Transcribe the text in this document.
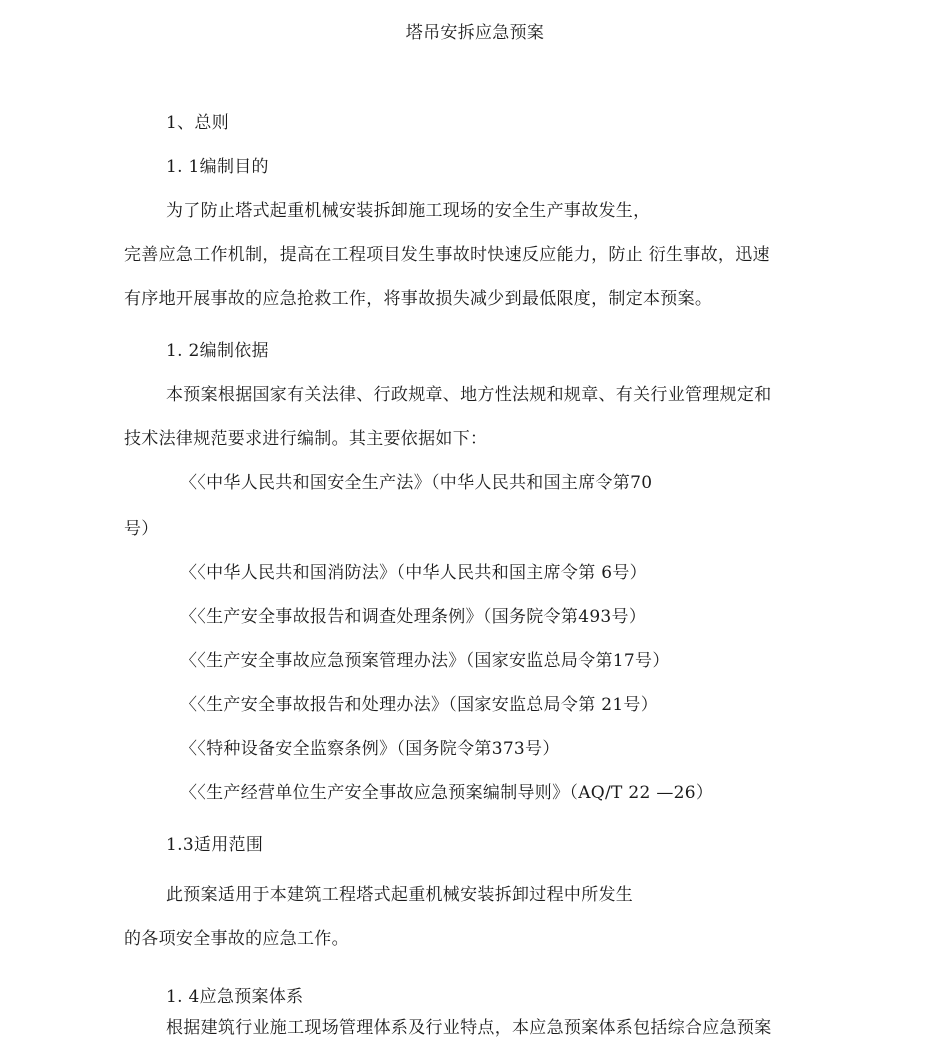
塔吊安拆应急预案
1、总则
1. 1编制目的
为了防止塔式起重机械安装拆卸施工现场的安全生产事故发生，
完善应急工作机制，提高在工程项目发生事故时快速反应能力，防止 衍生事故，迅速
有序地开展事故的应急抢救工作，将事故损失减少到最低限度，制定本预案。
1. 2编制依据
本预案根据国家有关法律、行政规章、地方性法规和规章、有关行业管理规定和
技术法律规范要求进行编制。其主要依据如下：
〈〈中华人民共和国安全生产法》（中华人民共和国主席令第70
号）
〈〈中华人民共和国消防法》（中华人民共和国主席令第 6号）
〈〈生产安全事故报告和调查处理条例》（国务院令第493号）
〈〈生产安全事故应急预案管理办法》（国家安监总局令第17号）
〈〈生产安全事故报告和处理办法》（国家安监总局令第 21号）
〈〈特种设备安全监察条例》（国务院令第373号）
〈〈生产经营单位生产安全事故应急预案编制导则》（AQ/T 22 —26）
1.3适用范围
此预案适用于本建筑工程塔式起重机械安装拆卸过程中所发生
的各项安全事故的应急工作。
1. 4应急预案体系
根据建筑行业施工现场管理体系及行业特点，本应急预案体系包括综合应急预案
